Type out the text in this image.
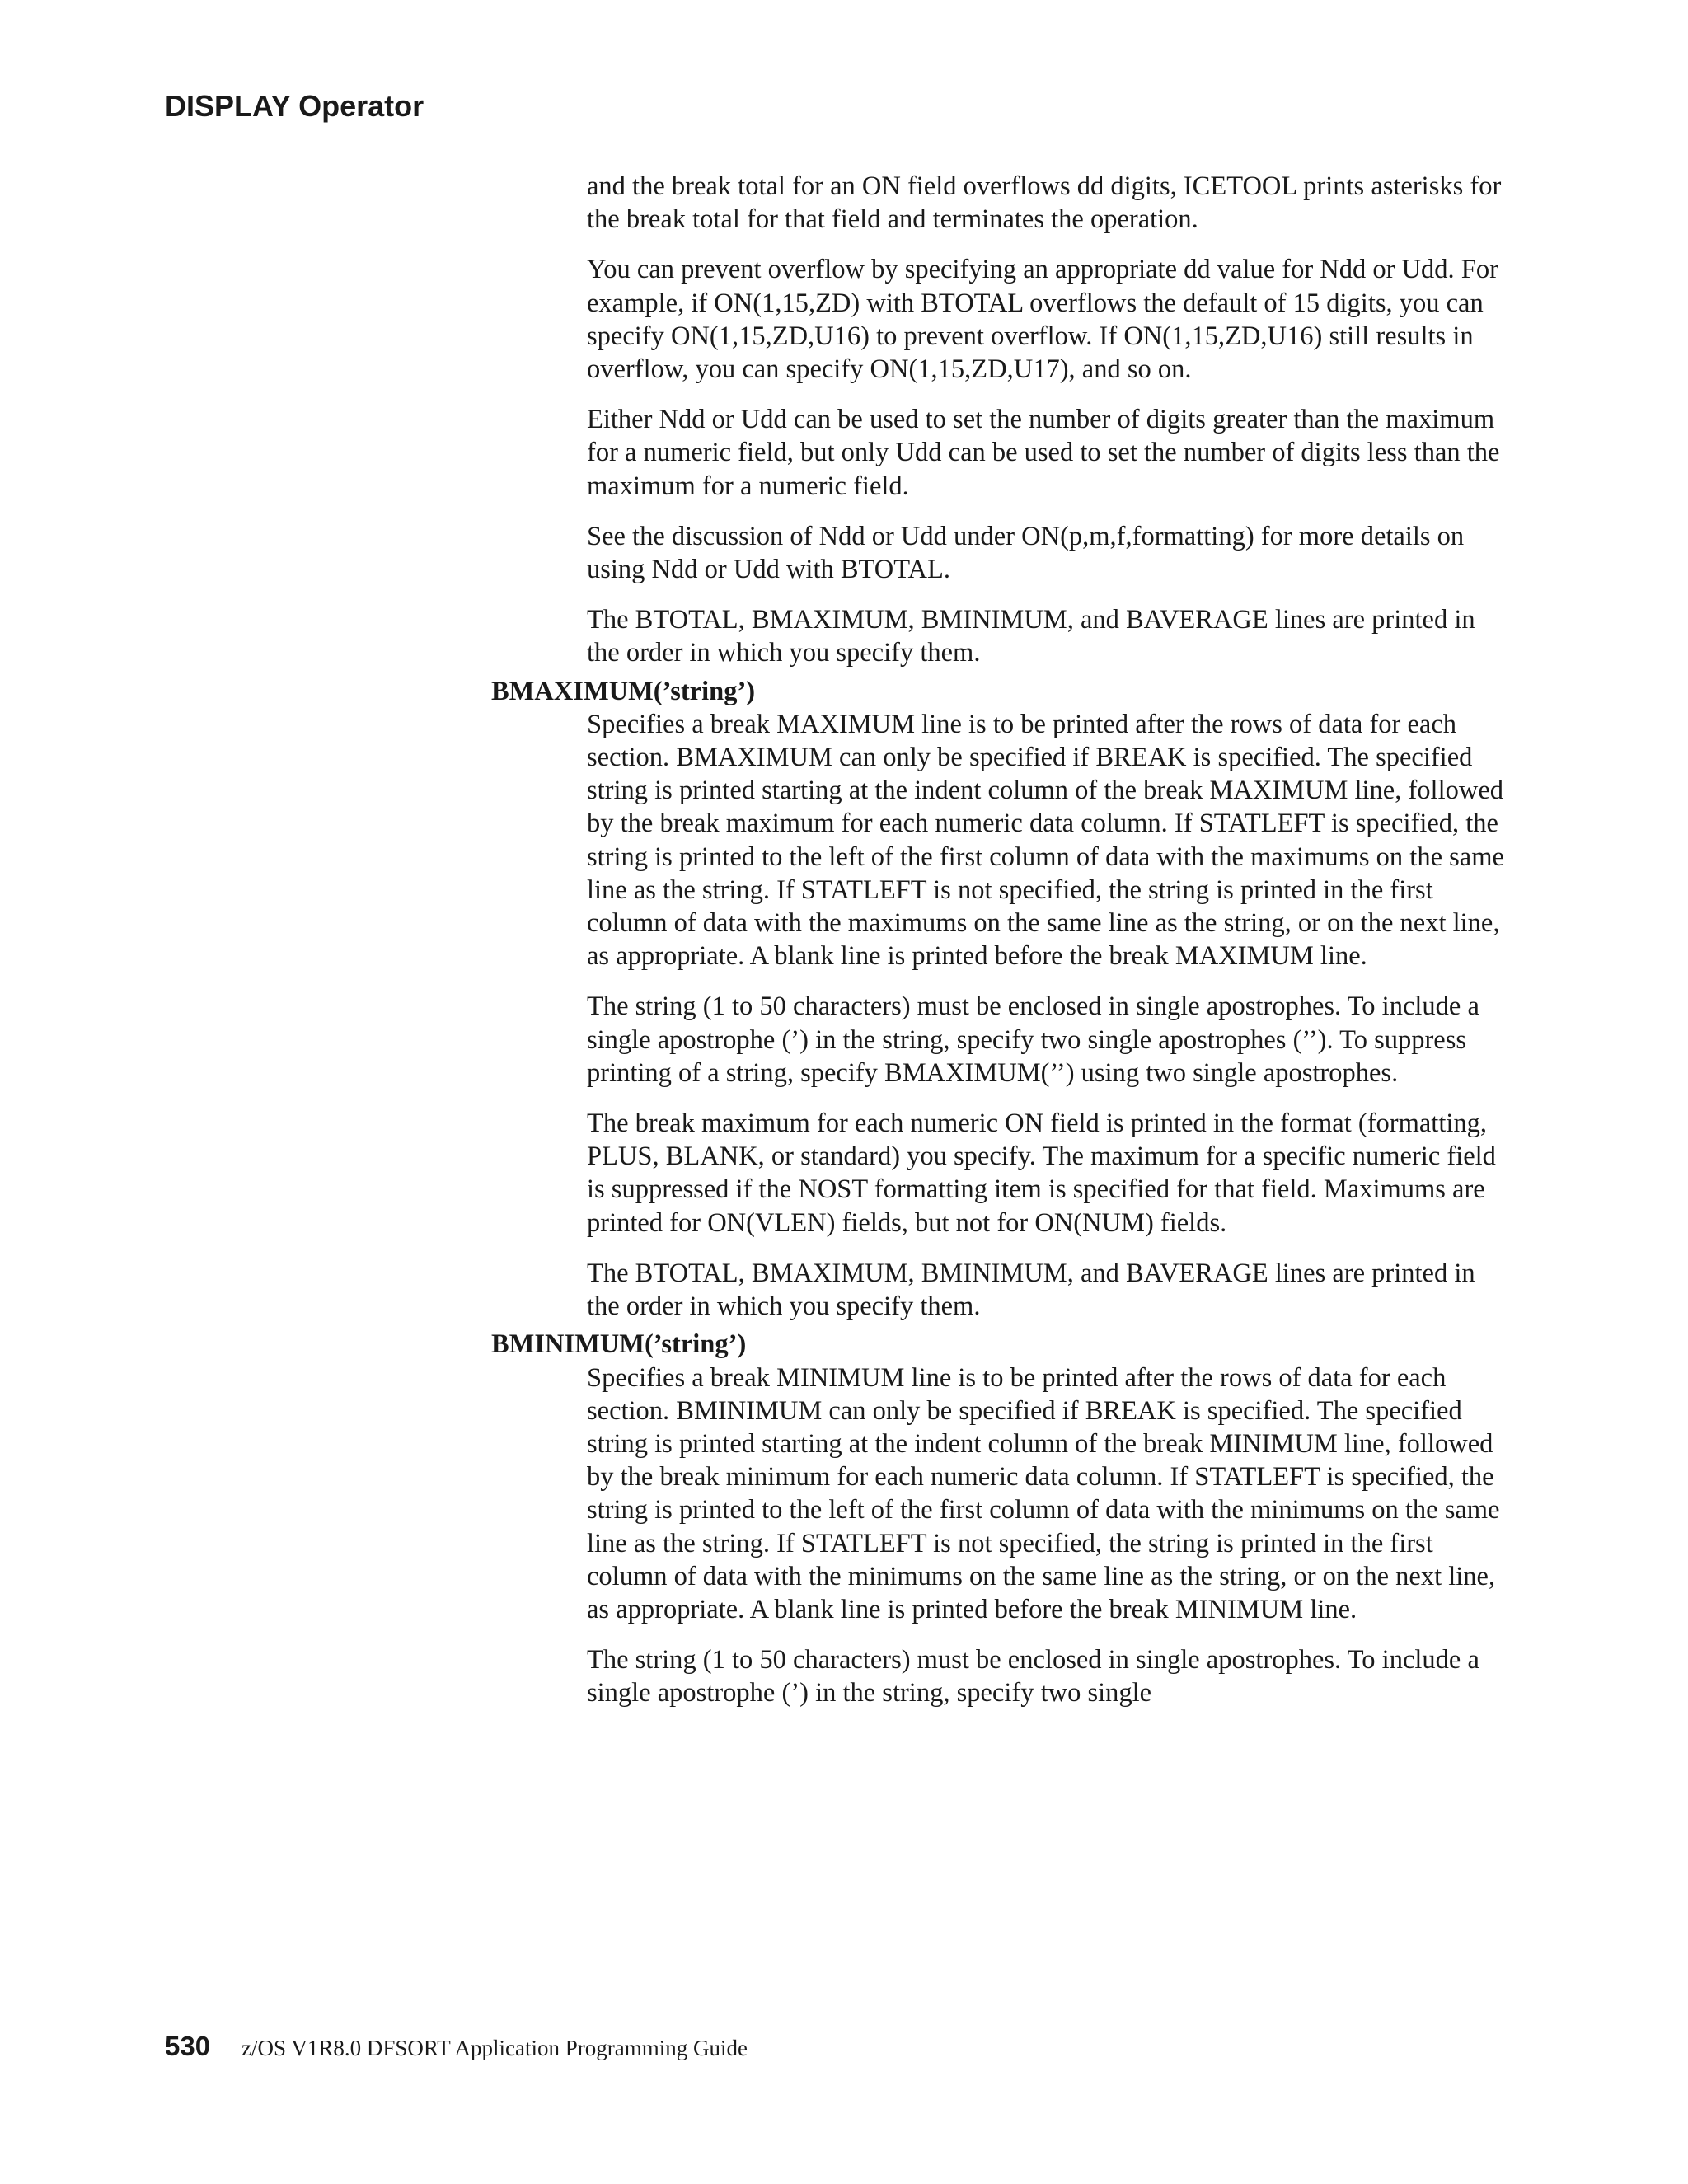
DISPLAY Operator

and the break total for an ON field overflows dd digits, ICETOOL prints asterisks for the break total for that field and terminates the operation.

You can prevent overflow by specifying an appropriate dd value for Ndd or Udd. For example, if ON(1,15,ZD) with BTOTAL overflows the default of 15 digits, you can specify ON(1,15,ZD,U16) to prevent overflow. If ON(1,15,ZD,U16) still results in overflow, you can specify ON(1,15,ZD,U17), and so on.

Either Ndd or Udd can be used to set the number of digits greater than the maximum for a numeric field, but only Udd can be used to set the number of digits less than the maximum for a numeric field.

See the discussion of Ndd or Udd under ON(p,m,f,formatting) for more details on using Ndd or Udd with BTOTAL.

The BTOTAL, BMAXIMUM, BMINIMUM, and BAVERAGE lines are printed in the order in which you specify them.

BMAXIMUM(’string’)

Specifies a break MAXIMUM line is to be printed after the rows of data for each section. BMAXIMUM can only be specified if BREAK is specified. The specified string is printed starting at the indent column of the break MAXIMUM line, followed by the break maximum for each numeric data column. If STATLEFT is specified, the string is printed to the left of the first column of data with the maximums on the same line as the string. If STATLEFT is not specified, the string is printed in the first column of data with the maximums on the same line as the string, or on the next line, as appropriate. A blank line is printed before the break MAXIMUM line.

The string (1 to 50 characters) must be enclosed in single apostrophes. To include a single apostrophe (’) in the string, specify two single apostrophes (’’). To suppress printing of a string, specify BMAXIMUM(’’) using two single apostrophes.

The break maximum for each numeric ON field is printed in the format (formatting, PLUS, BLANK, or standard) you specify. The maximum for a specific numeric field is suppressed if the NOST formatting item is specified for that field. Maximums are printed for ON(VLEN) fields, but not for ON(NUM) fields.

The BTOTAL, BMAXIMUM, BMINIMUM, and BAVERAGE lines are printed in the order in which you specify them.

BMINIMUM(’string’)

Specifies a break MINIMUM line is to be printed after the rows of data for each section. BMINIMUM can only be specified if BREAK is specified. The specified string is printed starting at the indent column of the break MINIMUM line, followed by the break minimum for each numeric data column. If STATLEFT is specified, the string is printed to the left of the first column of data with the minimums on the same line as the string. If STATLEFT is not specified, the string is printed in the first column of data with the minimums on the same line as the string, or on the next line, as appropriate. A blank line is printed before the break MINIMUM line.

The string (1 to 50 characters) must be enclosed in single apostrophes. To include a single apostrophe (’) in the string, specify two single

530 z/OS V1R8.0 DFSORT Application Programming Guide
